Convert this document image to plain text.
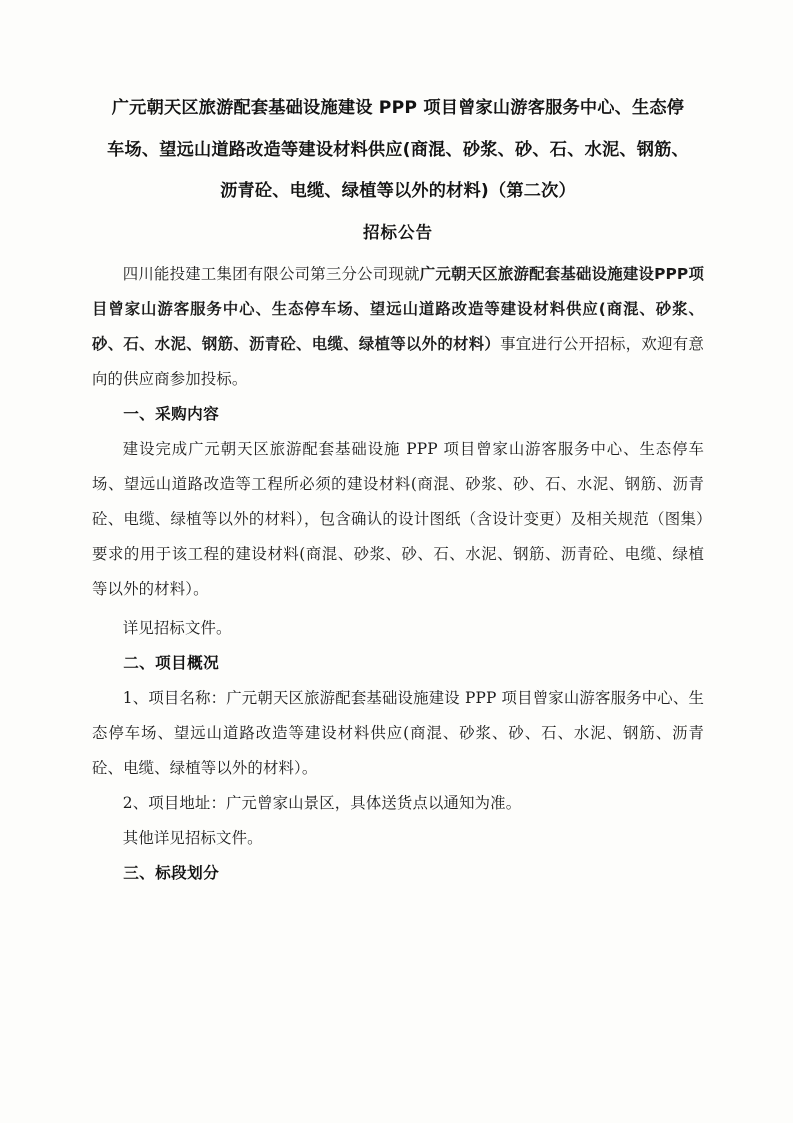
广元朝天区旅游配套基础设施建设 PPP 项目曾家山游客服务中心、生态停
车场、望远山道路改造等建设材料供应(商混、砂浆、砂、石、水泥、钢筋、
沥青砼、电缆、绿植等以外的材料)（第二次）
招标公告

四川能投建工集团有限公司第三分公司现就广元朝天区旅游配套基础设施建设PPP项目曾家山游客服务中心、生态停车场、望远山道路改造等建设材料供应(商混、砂浆、砂、石、水泥、钢筋、沥青砼、电缆、绿植等以外的材料）事宜进行公开招标，欢迎有意向的供应商参加投标。

一、采购内容

建设完成广元朝天区旅游配套基础设施 PPP 项目曾家山游客服务中心、生态停车场、望远山道路改造等工程所必须的建设材料(商混、砂浆、砂、石、水泥、钢筋、沥青砼、电缆、绿植等以外的材料），包含确认的设计图纸（含设计变更）及相关规范（图集）要求的用于该工程的建设材料(商混、砂浆、砂、石、水泥、钢筋、沥青砼、电缆、绿植等以外的材料）。

详见招标文件。

二、项目概况

1、项目名称：广元朝天区旅游配套基础设施建设 PPP 项目曾家山游客服务中心、生态停车场、望远山道路改造等建设材料供应(商混、砂浆、砂、石、水泥、钢筋、沥青砼、电缆、绿植等以外的材料）。

2、项目地址：广元曾家山景区，具体送货点以通知为准。

其他详见招标文件。

三、标段划分
